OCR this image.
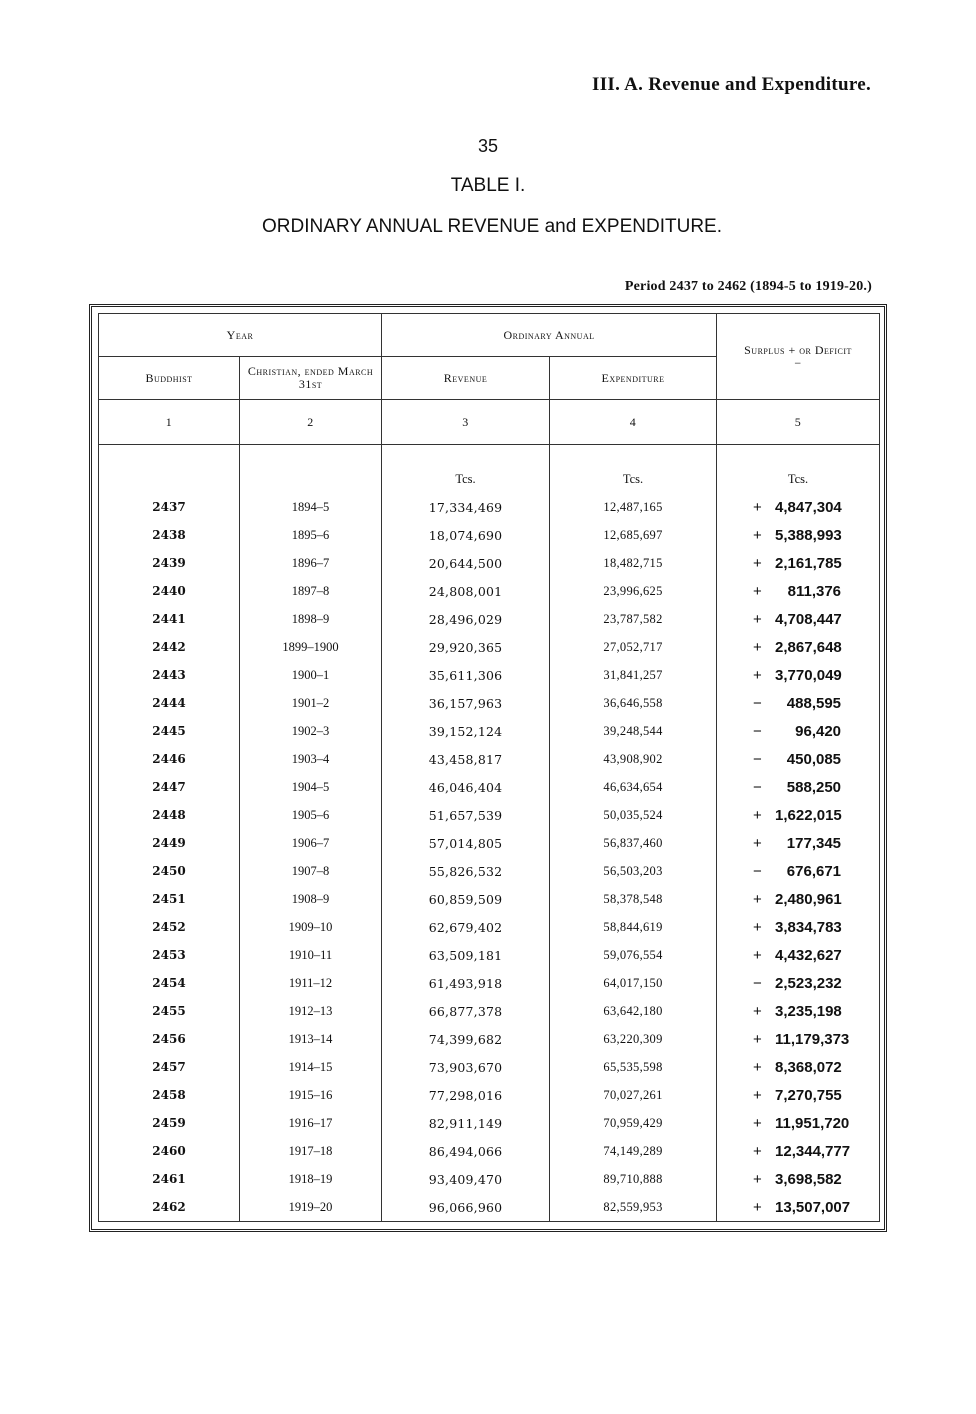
III. A. Revenue and Expenditure.
35
TABLE I.
ORDINARY ANNUAL REVENUE and EXPENDITURE.
Period 2437 to 2462 (1894-5 to 1919-20.)
Year		Ordinary Annual		Surplus + or Deficit −
Buddhist	Christian, ended March 31st	Revenue	Expenditure	
1	2	3	4	5

		Tcs.	Tcs.	Tcs.
2437	1894–5	17,334,469	12,487,165	+ 4,847,304
2438	1895–6	18,074,690	12,685,697	+ 5,388,993
2439	1896–7	20,644,500	18,482,715	+ 2,161,785
2440	1897–8	24,808,001	23,996,625	+ 811,376
2441	1898–9	28,496,029	23,787,582	+ 4,708,447
2442	1899–1900	29,920,365	27,052,717	+ 2,867,648
2443	1900–1	35,611,306	31,841,257	+ 3,770,049
2444	1901–2	36,157,963	36,646,558	− 488,595
2445	1902–3	39,152,124	39,248,544	− 96,420
2446	1903–4	43,458,817	43,908,902	− 450,085
2447	1904–5	46,046,404	46,634,654	− 588,250
2448	1905–6	51,657,539	50,035,524	+ 1,622,015
2449	1906–7	57,014,805	56,837,460	+ 177,345
2450	1907–8	55,826,532	56,503,203	− 676,671
2451	1908–9	60,859,509	58,378,548	+ 2,480,961
2452	1909–10	62,679,402	58,844,619	+ 3,834,783
2453	1910–11	63,509,181	59,076,554	+ 4,432,627
2454	1911–12	61,493,918	64,017,150	− 2,523,232
2455	1912–13	66,877,378	63,642,180	+ 3,235,198
2456	1913–14	74,399,682	63,220,309	+ 11,179,373
2457	1914–15	73,903,670	65,535,598	+ 8,368,072
2458	1915–16	77,298,016	70,027,261	+ 7,270,755
2459	1916–17	82,911,149	70,959,429	+ 11,951,720
2460	1917–18	86,494,066	74,149,289	+ 12,344,777
2461	1918–19	93,409,470	89,710,888	+ 3,698,582
2462	1919–20	96,066,960	82,559,953	+ 13,507,007
